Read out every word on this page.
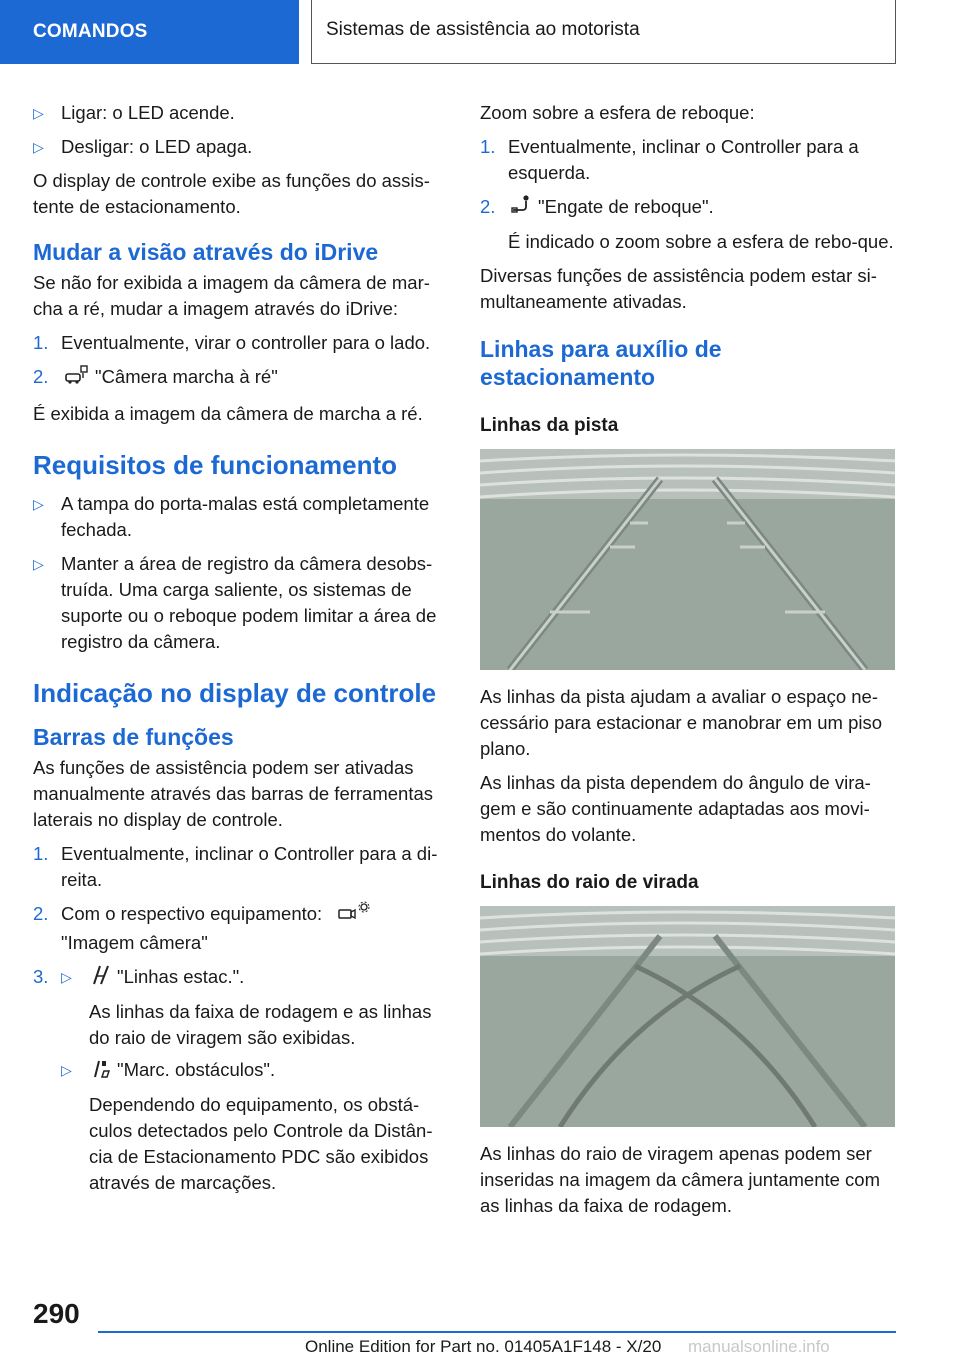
COMANDOS	Sistemas de assistência ao motorista
▷ Ligar: o LED acende.
▷ Desligar: o LED apaga.

O display de controle exibe as funções do assis-tente de estacionamento.

Mudar a visão através do iDrive

Se não for exibida a imagem da câmera de mar-cha a ré, mudar a imagem através do iDrive:

1. Eventualmente, virar o controller para o lado.
2.	"Câmera marcha à ré"

É exibida a imagem da câmera de marcha a ré.

Requisitos de funcionamento
▷ A tampa do porta-malas está completamente fechada.
▷ Manter a área de registro da câmera desobs-truída. Uma carga saliente, os sistemas de suporte ou o reboque podem limitar a área de registro da câmera.
Indicação no display de controle
Barras de funções

As funções de assistência podem ser ativadas manualmente através das barras de ferramentas laterais no display de controle.

1. Eventualmente, inclinar o Controller para a di-reita.
2. Com o respectivo equipamento:
"Imagem câmera"
3. ▷ "Linhas estac.".
As linhas da faixa de rodagem e as linhas do raio de viragem são exibidas.
▷ "Marc. obstáculos".
Dependendo do equipamento, os obstá-culos detectados pelo Controle da Distân-cia de Estacionamento PDC são exibidos através de marcações.

Zoom sobre a esfera de reboque:

1. Eventualmente, inclinar o Controller para a esquerda.
2. "Engate de reboque".
É indicado o zoom sobre a esfera de rebo-que.

Diversas funções de assistência podem estar si-multaneamente ativadas.

Linhas para auxílio de estacionamento
Linhas da pista

As linhas da pista ajudam a avaliar o espaço ne-cessário para estacionar e manobrar em um piso plano.

As linhas da pista dependem do ângulo de vira-gem e são continuamente adaptadas aos movi-mentos do volante.

Linhas do raio de virada

As linhas do raio de viragem apenas podem ser inseridas na imagem da câmera juntamente com as linhas da faixa de rodagem.

290
Online Edition for Part no. 01405A1F148 - X/20 manualsonline.info
